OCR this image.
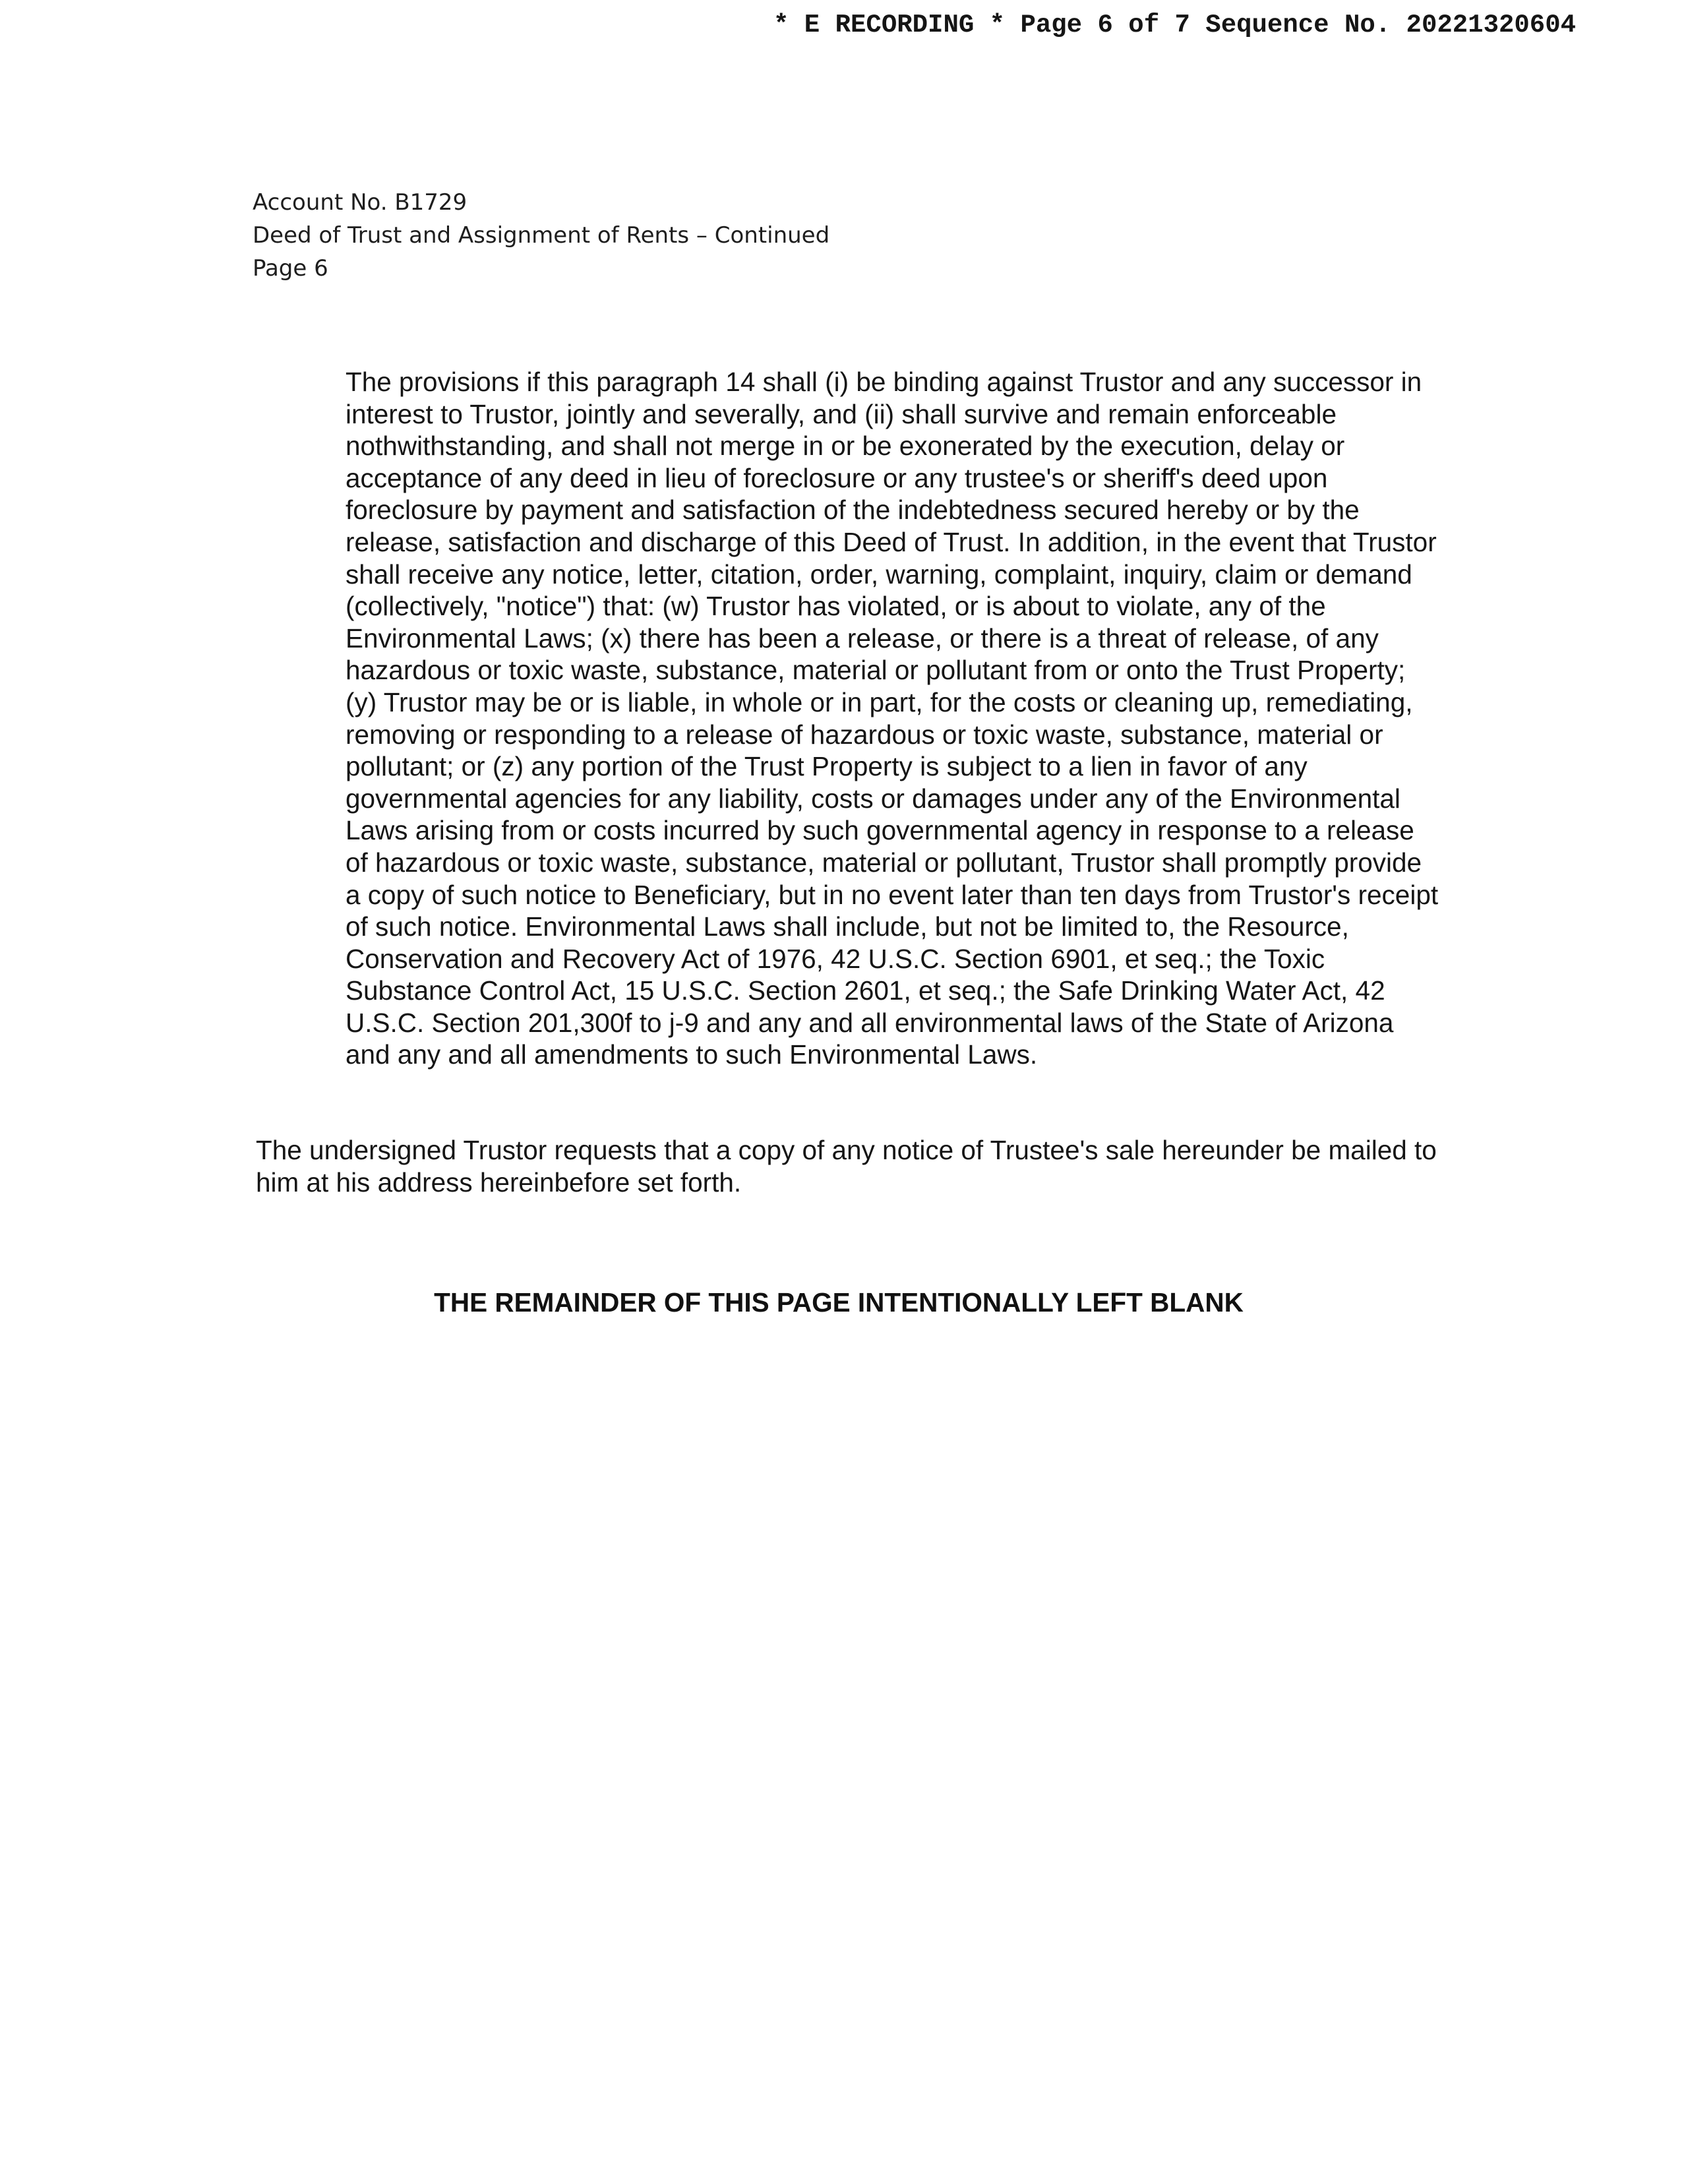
* E RECORDING * Page 6 of 7 Sequence No. 20221320604
Account No. B1729
Deed of Trust and Assignment of Rents – Continued
Page 6

The provisions if this paragraph 14 shall (i) be binding against Trustor and any successor in interest to Trustor, jointly and severally, and (ii) shall survive and remain enforceable nothwithstanding, and shall not merge in or be exonerated by the execution, delay or acceptance of any deed in lieu of foreclosure or any trustee's or sheriff's deed upon foreclosure by payment and satisfaction of the indebtedness secured hereby or by the release, satisfaction and discharge of this Deed of Trust. In addition, in the event that Trustor shall receive any notice, letter, citation, order, warning, complaint, inquiry, claim or demand (collectively, "notice") that: (w) Trustor has violated, or is about to violate, any of the Environmental Laws; (x) there has been a release, or there is a threat of release, of any hazardous or toxic waste, substance, material or pollutant from or onto the Trust Property; (y) Trustor may be or is liable, in whole or in part, for the costs or cleaning up, remediating, removing or responding to a release of hazardous or toxic waste, substance, material or pollutant; or (z) any portion of the Trust Property is subject to a lien in favor of any governmental agencies for any liability, costs or damages under any of the Environmental Laws arising from or costs incurred by such governmental agency in response to a release of hazardous or toxic waste, substance, material or pollutant, Trustor shall promptly provide a copy of such notice to Beneficiary, but in no event later than ten days from Trustor's receipt of such notice. Environmental Laws shall include, but not be limited to, the Resource, Conservation and Recovery Act of 1976, 42 U.S.C. Section 6901, et seq.; the Toxic Substance Control Act, 15 U.S.C. Section 2601, et seq.; the Safe Drinking Water Act, 42 U.S.C. Section 201,300f to j-9 and any and all environmental laws of the State of Arizona and any and all amendments to such Environmental Laws.

The undersigned Trustor requests that a copy of any notice of Trustee's sale hereunder be mailed to him at his address hereinbefore set forth.

THE REMAINDER OF THIS PAGE INTENTIONALLY LEFT BLANK
